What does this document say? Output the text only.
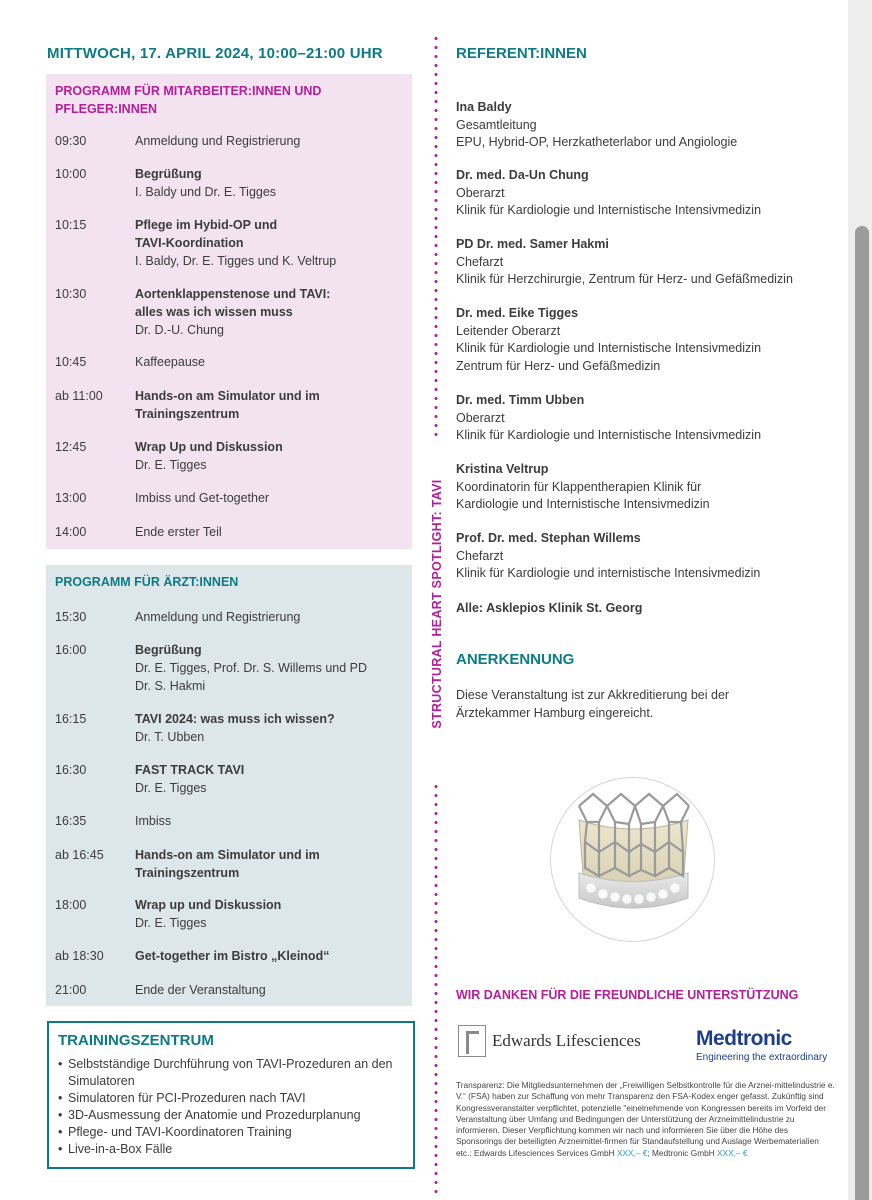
MITTWOCH, 17. APRIL 2024, 10:00–21:00 UHR
PROGRAMM FÜR MITARBEITER:INNEN UND PFLEGER:INNEN
09:30	Anmeldung und Registrierung
10:00	Begrüßung
I. Baldy und Dr. E. Tigges
10:15	Pflege im Hybid-OP und TAVI-Koordination
I. Baldy, Dr. E. Tigges und K. Veltrup
10:30	Aortenklappenstenose und TAVI: alles was ich wissen muss
Dr. D.-U. Chung
10:45	Kaffeepause
ab 11:00	Hands-on am Simulator und im Trainingszentrum
12:45	Wrap Up und Diskussion
Dr. E. Tigges
13:00	Imbiss und Get-together
14:00	Ende erster Teil
PROGRAMM FÜR ÄRZT:INNEN
15:30	Anmeldung und Registrierung
16:00	Begrüßung
Dr. E. Tigges, Prof. Dr. S. Willems und PD Dr. S. Hakmi
16:15	TAVI 2024: was muss ich wissen?
Dr. T. Ubben
16:30	FAST TRACK TAVI
Dr. E. Tigges
16:35	Imbiss
ab 16:45	Hands-on am Simulator und im Trainingszentrum
18:00	Wrap up und Diskussion
Dr. E. Tigges
ab 18:30	Get-together im Bistro „Kleinod“
21:00	Ende der Veranstaltung
TRAININGSZENTRUM
• Selbstständige Durchführung von TAVI-Prozeduren an den Simulatoren
• Simulatoren für PCI-Prozeduren nach TAVI
• 3D-Ausmessung der Anatomie und Prozedurplanung
• Pflege- und TAVI-Koordinatoren Training
• Live-in-a-Box Fälle
STRUCTURAL HEART SPOTLIGHT: TAVI
REFERENT:INNEN
Ina Baldy
Gesamtleitung
EPU, Hybrid-OP, Herzkatheterlabor und Angiologie
Dr. med. Da-Un Chung
Oberarzt
Klinik für Kardiologie und Internistische Intensivmedizin
PD Dr. med. Samer Hakmi
Chefarzt
Klinik für Herzchirurgie, Zentrum für Herz- und Gefäßmedizin
Dr. med. Eike Tigges
Leitender Oberarzt
Klinik für Kardiologie und Internistische Intensivmedizin
Zentrum für Herz- und Gefäßmedizin
Dr. med. Timm Ubben
Oberarzt
Klinik für Kardiologie und Internistische Intensivmedizin
Kristina Veltrup
Koordinatorin für Klappentherapien Klinik für
Kardiologie und Internistische Intensivmedizin
Prof. Dr. med. Stephan Willems
Chefarzt
Klinik für Kardiologie und internistische Intensivmedizin
Alle: Asklepios Klinik St. Georg
ANERKENNUNG
Diese Veranstaltung ist zur Akkreditierung bei der Ärztekammer Hamburg eingereicht.
WIR DANKEN FÜR DIE FREUNDLICHE UNTERSTÜTZUNG
Edwards Lifesciences	Medtronic
Engineering the extraordinary
Transparenz: Die Mitgliedsunternehmen der „Freiwilligen Selbstkontrolle für die Arznei-mittelindustrie e. V.“ (FSA) haben zur Schaffung von mehr Transparenz den FSA-Kodex enger gefasst. Zukünftig sind Kongressveranstalter verpflichtet, potenzielle "einelnehmende von Kongressen bereits im Vorfeld der Veranstaltung über Umfang und Bedingungen der Unterstützung der Arzneimittelindustrie zu informieren. Dieser Verpflichtung kommen wir nach und informieren Sie über die Höhe des Sponsorings der beteiligten Arzneimittel-firmen für Standaufstellung und Auslage Werbematerialien etc.: Edwards Lifesciences Services GmbH XXX,– €; Medtronic GmbH XXX,– €
